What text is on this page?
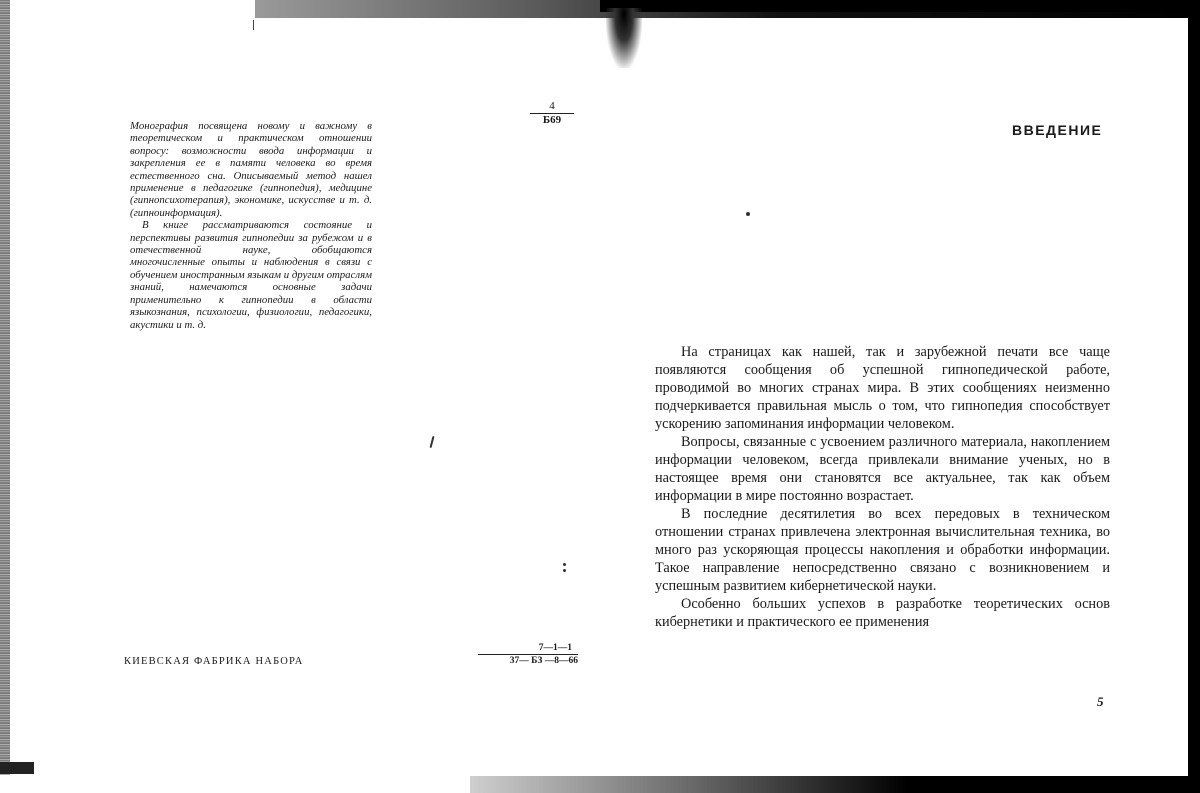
Монография посвящена новому и важному в теоретическом и практическом отношении вопросу: возможности ввода информации и закрепления ее в памяти человека во время естественного сна. Описываемый метод нашел применение в педагогике (гипнопедия), медицине (гипнопсихотерапия), экономике, искусстве и т. д. (гипноинформация).

В книге рассматриваются состояние и перспективы развития гипнопедии за рубежом и в отечественной науке, обобщаются многочисленные опыты и наблюдения в связи с обучением иностранным языкам и другим отраслям знаний, намечаются основные задачи применительно к гипнопедии в области языкознания, психологии, физиологии, педагогики, акустики и т. д.

4
Б69
КИЕВСКАЯ ФАБРИКА НАБОРА
7—1—1
37— БЗ —8—66
ВВЕДЕНИЕ

На страницах как нашей, так и зарубежной печати все чаще появляются сообщения об успешной гипнопедической работе, проводимой во многих странах мира. В этих сообщениях неизменно подчеркивается правильная мысль о том, что гипнопедия способствует ускорению запоминания информации человеком.

Вопросы, связанные с усвоением различного материала, накоплением информации человеком, всегда привлекали внимание ученых, но в настоящее время они становятся все актуальнее, так как объем информации в мире постоянно возрастает.

В последние десятилетия во всех передовых в техническом отношении странах привлечена электронная вычислительная техника, во много раз ускоряющая процессы накопления и обработки информации. Такое направление непосредственно связано с возникновением и успешным развитием кибернетической науки.

Особенно больших успехов в разработке теоретических основ кибернетики и практического ее применения

5
